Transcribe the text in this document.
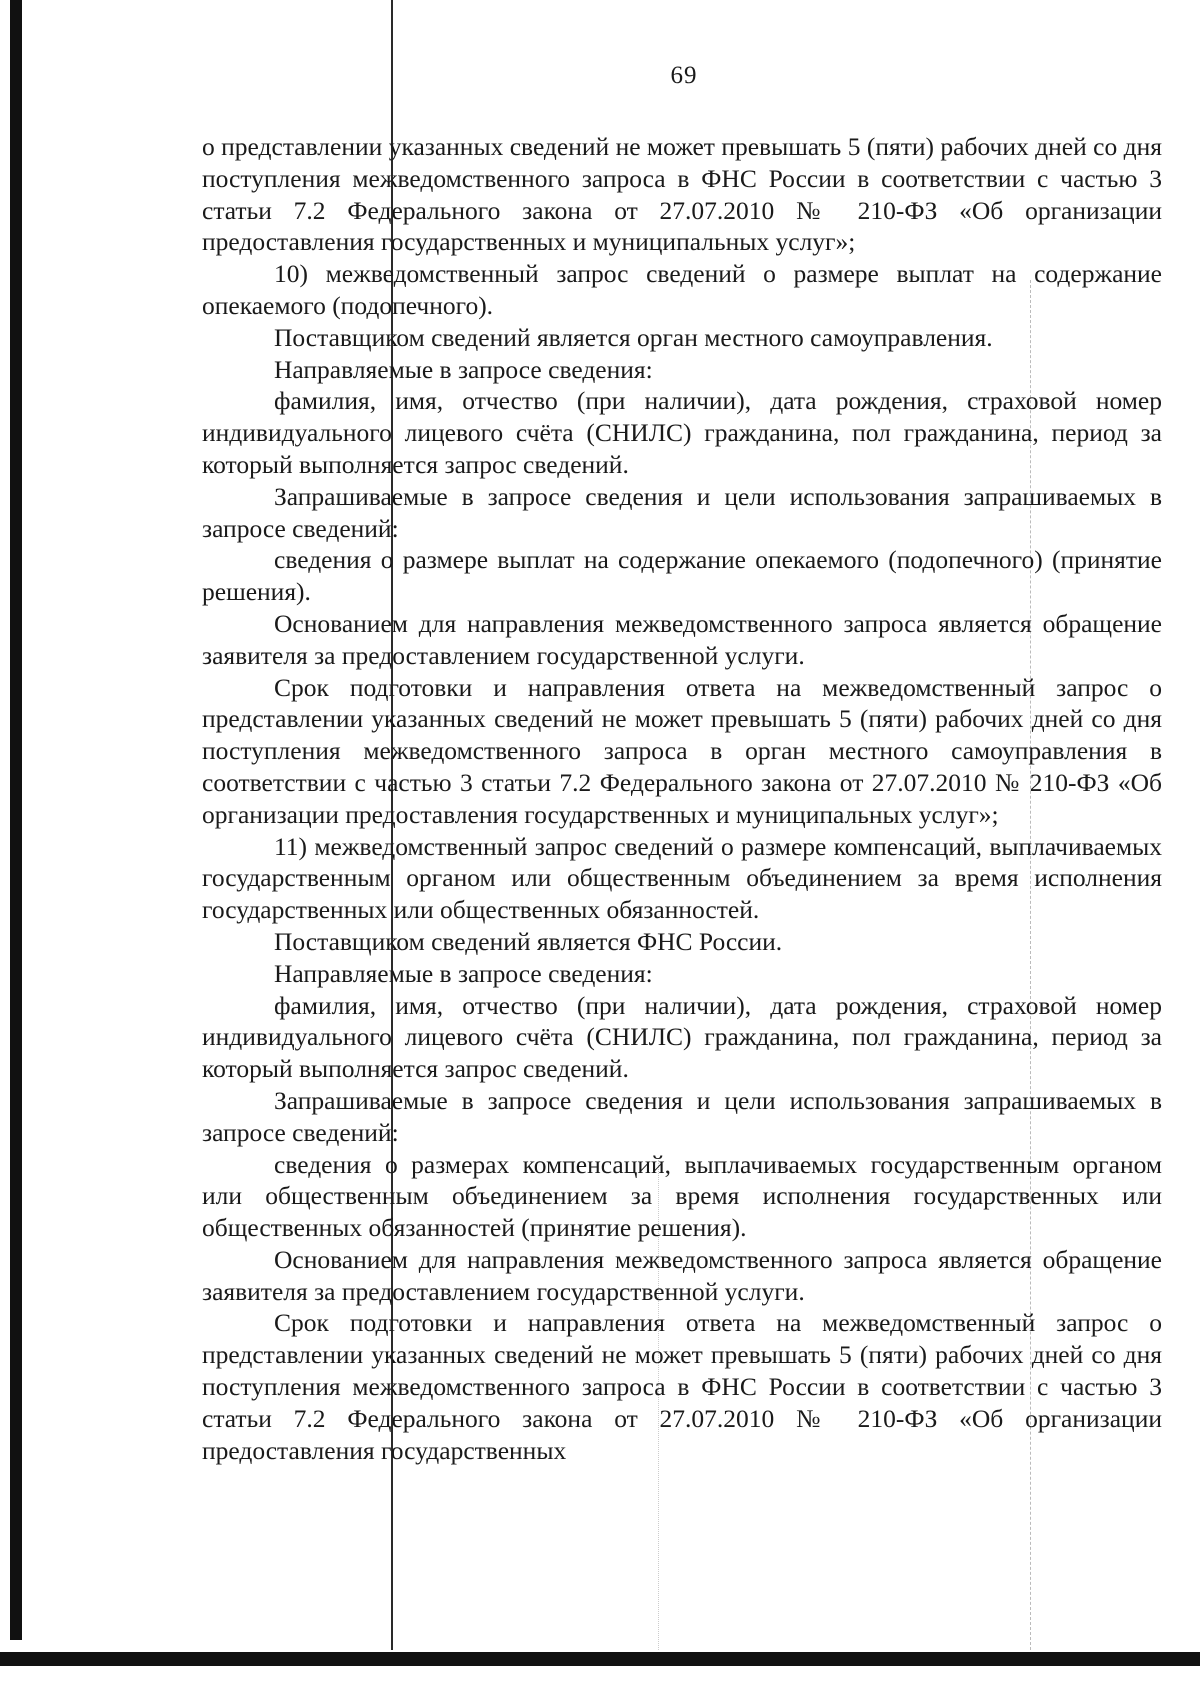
69

о представлении указанных сведений не может превышать 5 (пяти) рабочих дней со дня поступления межведомственного запроса в ФНС России в соответствии с частью 3 статьи 7.2 Федерального закона от 27.07.2010 № 210-ФЗ «Об организации предоставления государственных и муниципальных услуг»;

10) межведомственный запрос сведений о размере выплат на содержание опекаемого (подопечного).

Поставщиком сведений является орган местного самоуправления.

Направляемые в запросе сведения:

фамилия, имя, отчество (при наличии), дата рождения, страховой номер индивидуального лицевого счёта (СНИЛС) гражданина, пол гражданина, период за который выполняется запрос сведений.

Запрашиваемые в запросе сведения и цели использования запрашиваемых в запросе сведений:

сведения о размере выплат на содержание опекаемого (подопечного) (принятие решения).

Основанием для направления межведомственного запроса является обращение заявителя за предоставлением государственной услуги.

Срок подготовки и направления ответа на межведомственный запрос о представлении указанных сведений не может превышать 5 (пяти) рабочих дней со дня поступления межведомственного запроса в орган местного самоуправления в соответствии с частью 3 статьи 7.2 Федерального закона от 27.07.2010 № 210-ФЗ «Об организации предоставления государственных и муниципальных услуг»;

11) межведомственный запрос сведений о размере компенсаций, выплачиваемых государственным органом или общественным объединением за время исполнения государственных или общественных обязанностей.

Поставщиком сведений является ФНС России.

Направляемые в запросе сведения:

фамилия, имя, отчество (при наличии), дата рождения, страховой номер индивидуального лицевого счёта (СНИЛС) гражданина, пол гражданина, период за который выполняется запрос сведений.

Запрашиваемые в запросе сведения и цели использования запрашиваемых в запросе сведений:

сведения о размерах компенсаций, выплачиваемых государственным органом или общественным объединением за время исполнения государственных или общественных обязанностей (принятие решения).

Основанием для направления межведомственного запроса является обращение заявителя за предоставлением государственной услуги.

Срок подготовки и направления ответа на межведомственный запрос о представлении указанных сведений не может превышать 5 (пяти) рабочих дней со дня поступления межведомственного запроса в ФНС России в соответствии с частью 3 статьи 7.2 Федерального закона от 27.07.2010 № 210-ФЗ «Об организации предоставления государственных
